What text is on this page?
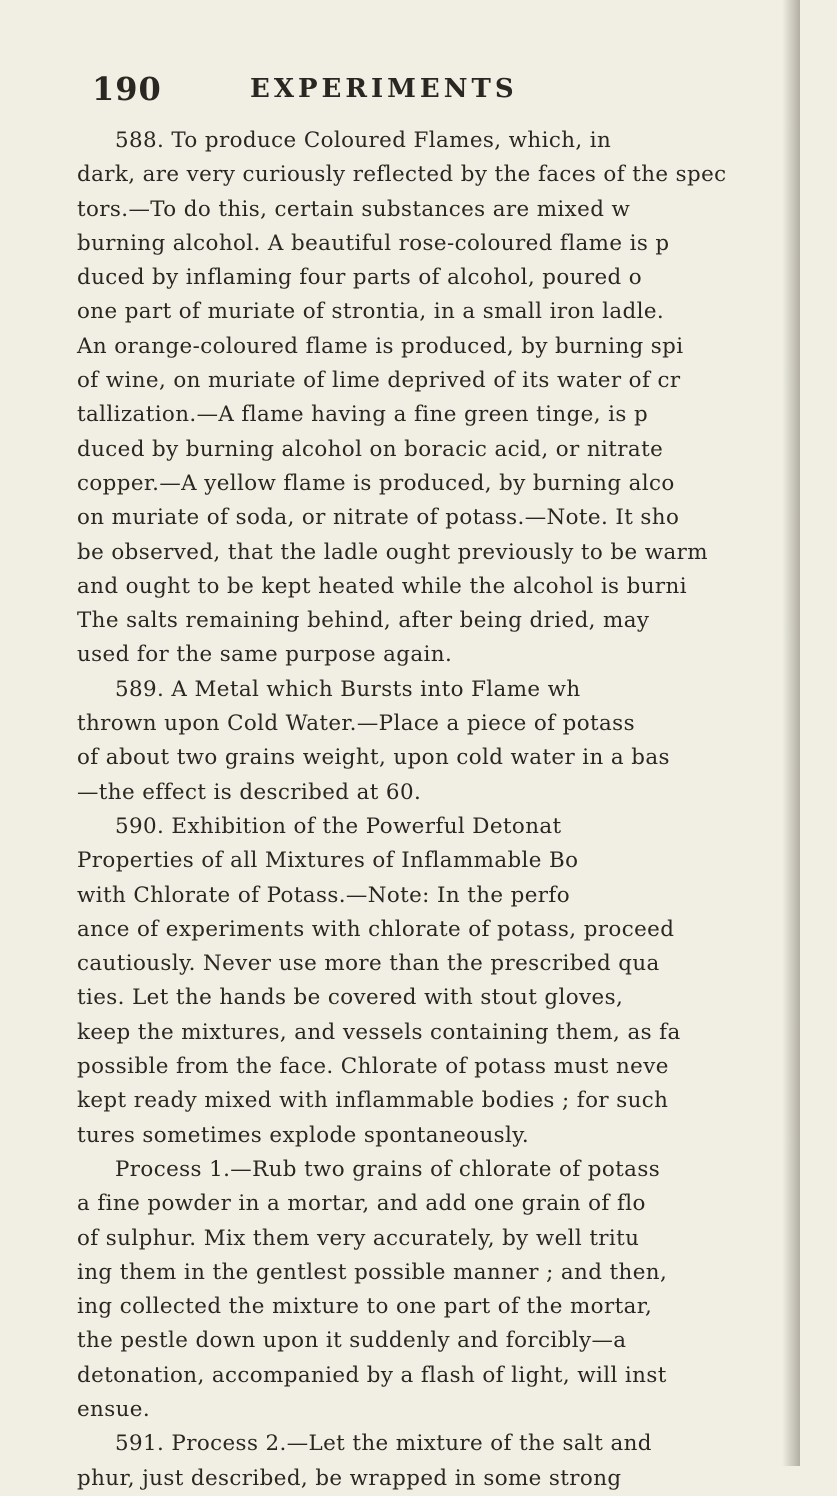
190	EXPERIMENTS
588. To produce Coloured Flames, which, in
dark, are very curiously reflected by the faces of the spec
tors.—To do this, certain substances are mixed w
burning alcohol. A beautiful rose-coloured flame is p
duced by inflaming four parts of alcohol, poured o
one part of muriate of strontia, in a small iron ladle.
An orange-coloured flame is produced, by burning spi
of wine, on muriate of lime deprived of its water of cr
tallization.—A flame having a fine green tinge, is p
duced by burning alcohol on boracic acid, or nitrate
copper.—A yellow flame is produced, by burning alco
on muriate of soda, or nitrate of potass.—Note. It sho
be observed, that the ladle ought previously to be warm
and ought to be kept heated while the alcohol is burni
The salts remaining behind, after being dried, may
used for the same purpose again.
589. A Metal which Bursts into Flame wh
thrown upon Cold Water.—Place a piece of potass
of about two grains weight, upon cold water in a bas
—the effect is described at 60.
590. Exhibition of the Powerful Detonat
Properties of all Mixtures of Inflammable Bo
with Chlorate of Potass.—Note: In the perfo
ance of experiments with chlorate of potass, proceed
cautiously. Never use more than the prescribed qua
ties. Let the hands be covered with stout gloves,
keep the mixtures, and vessels containing them, as fa
possible from the face. Chlorate of potass must neve
kept ready mixed with inflammable bodies ; for such
tures sometimes explode spontaneously.
Process 1.—Rub two grains of chlorate of potass
a fine powder in a mortar, and add one grain of flo
of sulphur. Mix them very accurately, by well tritu
ing them in the gentlest possible manner ; and then,
ing collected the mixture to one part of the mortar,
the pestle down upon it suddenly and forcibly—a
detonation, accompanied by a flash of light, will inst
ensue.
591. Process 2.—Let the mixture of the salt and
phur, just described, be wrapped in some strong
